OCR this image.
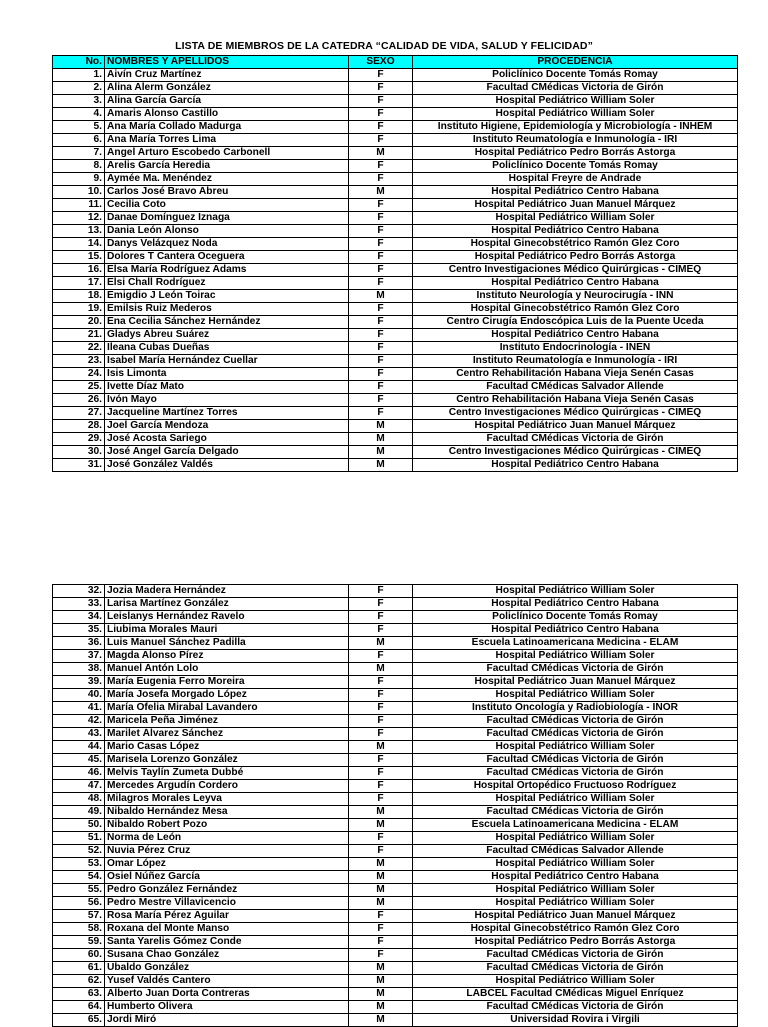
LISTA DE MIEMBROS DE LA CATEDRA “CALIDAD DE VIDA, SALUD Y FELICIDAD”
No.	NOMBRES Y APELLIDOS	SEXO	PROCEDENCIA
1.	Aivín Cruz Martínez	F	Policlínico Docente Tomás Romay
2.	Alina Alerm González	F	Facultad CMédicas Victoria de Girón
3.	Alina García García	F	Hospital Pediátrico William Soler
4.	Amaris Alonso Castillo	F	Hospital Pediátrico William Soler
5.	Ana María Collado Madurga	F	Instituto Higiene, Epidemiología y Microbiología - INHEM
6.	Ana María Torres Lima	F	Instituto Reumatología e Inmunología - IRI
7.	Angel Arturo Escobedo Carbonell	M	Hospital Pediátrico Pedro Borrás Astorga
8.	Arelis García Heredia	F	Policlínico Docente Tomás Romay
9.	Aymée Ma. Menéndez	F	Hospital Freyre de Andrade
10.	Carlos José Bravo Abreu	M	Hospital Pediátrico Centro Habana
11.	Cecilia Coto	F	Hospital Pediátrico Juan Manuel Márquez
12.	Danae Domínguez Iznaga	F	Hospital Pediátrico William Soler
13.	Dania León Alonso	F	Hospital Pediátrico Centro Habana
14.	Danys Velázquez Noda	F	Hospital Ginecobstétrico Ramón Glez Coro
15.	Dolores T Cantera Oceguera	F	Hospital Pediátrico Pedro Borrás Astorga
16.	Elsa María Rodríguez Adams	F	Centro Investigaciones Médico Quirúrgicas - CIMEQ
17.	Elsi Chall Rodríguez	F	Hospital Pediátrico Centro Habana
18.	Emigdio J León Toirac	M	Instituto Neurología y Neurocirugía - INN
19.	Emilsis Ruiz Mederos	F	Hospital Ginecobstétrico Ramón Glez Coro
20.	Ena Cecilia Sánchez Hernández	F	Centro Cirugía Endoscópica Luis de la Puente Uceda
21.	Gladys Abreu Suárez	F	Hospital Pediátrico Centro Habana
22.	Ileana Cubas Dueñas	F	Instituto Endocrinología - INEN
23.	Isabel María Hernández Cuellar	F	Instituto Reumatología e Inmunología - IRI
24.	Isis Limonta	F	Centro Rehabilitación Habana Vieja Senén Casas
25.	Ivette Díaz Mato	F	Facultad CMédicas Salvador Allende
26.	Ivón Mayo	F	Centro Rehabilitación Habana Vieja Senén Casas
27.	Jacqueline Martínez Torres	F	Centro Investigaciones Médico Quirúrgicas - CIMEQ
28.	Joel García Mendoza	M	Hospital Pediátrico Juan Manuel Márquez
29.	José Acosta Sariego	M	Facultad CMédicas Victoria de Girón
30.	José Angel García Delgado	M	Centro Investigaciones Médico Quirúrgicas - CIMEQ
31.	José González Valdés	M	Hospital Pediátrico Centro Habana
32.	Jozia Madera Hernández	F	Hospital Pediátrico William Soler
33.	Larisa Martínez González	F	Hospital Pediátrico Centro Habana
34.	Leislanys Hernández Ravelo	F	Policlínico Docente Tomás Romay
35.	Liubima Morales Mauri	F	Hospital Pediátrico Centro Habana
36.	Luis Manuel Sánchez Padilla	M	Escuela Latinoamericana Medicina - ELAM
37.	Magda Alonso Pírez	F	Hospital Pediátrico William Soler
38.	Manuel Antón Lolo	M	Facultad CMédicas Victoria de Girón
39.	María Eugenia Ferro Moreira	F	Hospital Pediátrico Juan Manuel Márquez
40.	María Josefa Morgado López	F	Hospital Pediátrico William Soler
41.	María Ofelia Mirabal Lavandero	F	Instituto Oncología y Radiobiología - INOR
42.	Maricela Peña Jiménez	F	Facultad CMédicas Victoria de Girón
43.	Marilet Álvarez Sánchez	F	Facultad CMédicas Victoria de Girón
44.	Mario Casas López	M	Hospital Pediátrico William Soler
45.	Marisela Lorenzo González	F	Facultad CMédicas Victoria de Girón
46.	Melvis Taylín Zumeta Dubbé	F	Facultad CMédicas Victoria de Girón
47.	Mercedes Argudín Cordero	F	Hospital Ortopédico Fructuoso Rodríguez
48.	Milagros Morales Leyva	F	Hospital Pediátrico William Soler
49.	Nibaldo Hernández Mesa	M	Facultad CMédicas Victoria de Girón
50.	Nibaldo Robert Pozo	M	Escuela Latinoamericana Medicina - ELAM
51.	Norma de León	F	Hospital Pediátrico William Soler
52.	Nuvia Pérez Cruz	F	Facultad CMédicas Salvador Allende
53.	Omar López	M	Hospital Pediátrico William Soler
54.	Osiel Núñez García	M	Hospital Pediátrico Centro Habana
55.	Pedro González Fernández	M	Hospital Pediátrico William Soler
56.	Pedro Mestre Villavicencio	M	Hospital Pediátrico William Soler
57.	Rosa María Pérez Aguilar	F	Hospital Pediátrico Juan Manuel Márquez
58.	Roxana del Monte Manso	F	Hospital Ginecobstétrico Ramón Glez Coro
59.	Santa Yarelis Gómez Conde	F	Hospital Pediátrico Pedro Borrás Astorga
60.	Susana Chao González	F	Facultad CMédicas Victoria de Girón
61.	Ubaldo González	M	Facultad CMédicas Victoria de Girón
62.	Yusef Valdés Cantero	M	Hospital Pediátrico William Soler
63.	Alberto Juan Dorta Contreras	M	LABCEL Facultad CMédicas Miguel Enríquez
64.	Humberto Olivera	M	Facultad CMédicas Victoria de Girón
65.	Jordi Miró	M	Universidad Rovira i Virgili
